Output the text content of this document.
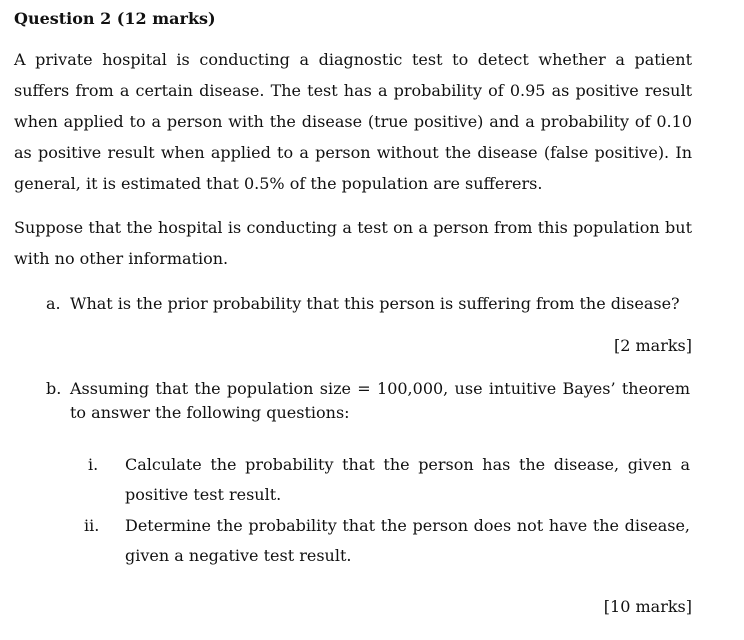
Question 2 (12 marks)

A private hospital is conducting a diagnostic test to detect whether a patient suffers from a certain disease. The test has a probability of 0.95 as positive result when applied to a person with the disease (true positive) and a probability of 0.10 as positive result when applied to a person without the disease (false positive). In general, it is estimated that 0.5% of the population are sufferers.

Suppose that the hospital is conducting a test on a person from this population but with no other information.

a. What is the prior probability that this person is suffering from the disease?

[2 marks]
b. Assuming that the population size = 100,000, use intuitive Bayes’ theorem to answer the following questions:

i. Calculate the probability that the person has the disease, given a positive test result.

ii. Determine the probability that the person does not have the disease, given a negative test result.

[10 marks]
